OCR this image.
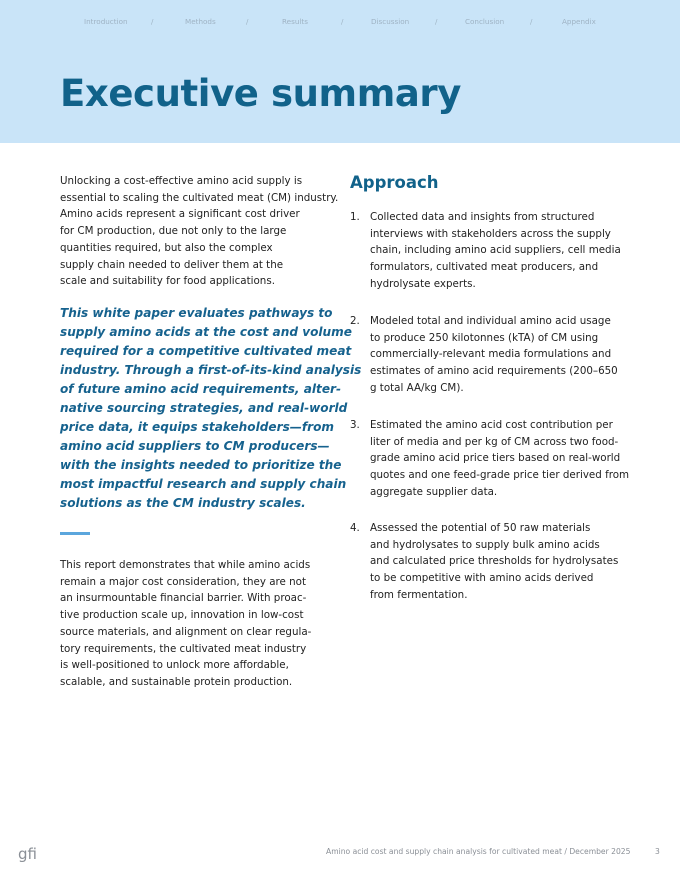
Introduction	/	Methods	/	Results	/	Discussion	/	Conclusion	/	Appendix
Executive summary
Unlocking a cost-effective amino acid supply is
essential to scaling the cultivated meat (CM) industry.
Amino acids represent a significant cost driver
for CM production, due not only to the large
quantities required, but also the complex
supply chain needed to deliver them at the
scale and suitability for food applications.
This white paper evaluates pathways to
supply amino acids at the cost and volume
required for a competitive cultivated meat
industry. Through a first-of-its-kind analysis
of future amino acid requirements, alter-
native sourcing strategies, and real-world
price data, it equips stakeholders—from
amino acid suppliers to CM producers—
with the insights needed to prioritize the
most impactful research and supply chain
solutions as the CM industry scales.
This report demonstrates that while amino acids
remain a major cost consideration, they are not
an insurmountable financial barrier. With proac-
tive production scale up, innovation in low-cost
source materials, and alignment on clear regula-
tory requirements, the cultivated meat industry
is well-positioned to unlock more affordable,
scalable, and sustainable protein production.
Approach
1. Collected data and insights from structured
interviews with stakeholders across the supply
chain, including amino acid suppliers, cell media
formulators, cultivated meat producers, and
hydrolysate experts.
2. Modeled total and individual amino acid usage
to produce 250 kilotonnes (kTA) of CM using
commercially-relevant media formulations and
estimates of amino acid requirements (200–650
g total AA/kg CM).
3. Estimated the amino acid cost contribution per
liter of media and per kg of CM across two food-
grade amino acid price tiers based on real-world
quotes and one feed-grade price tier derived from
aggregate supplier data.
4. Assessed the potential of 50 raw materials
and hydrolysates to supply bulk amino acids
and calculated price thresholds for hydrolysates
to be competitive with amino acids derived
from fermentation.
gfi	Amino acid cost and supply chain analysis for cultivated meat / December 2025	3
